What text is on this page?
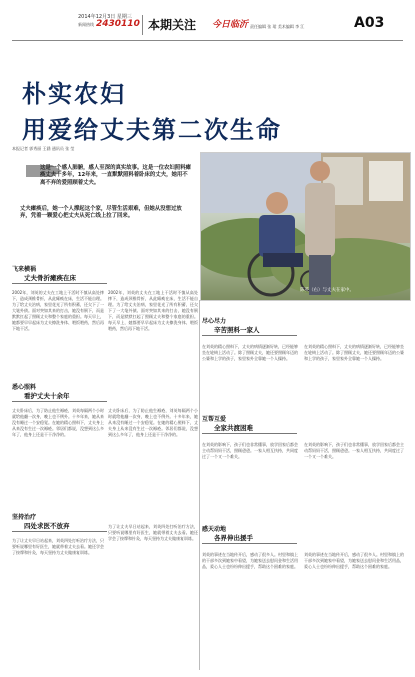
2014年12月3日 星期三
新闻热线 2430110 本期关注 今日临沂 责任编辑 张 珺 美术编辑 李 江	A03
朴实农妇
用爱给丈夫第二次生命
本报记者 郭秀丽 王涵 通讯员 张 莹
这是一个感人肺腑，感人至深的真实故事。这是一位农妇照料瘫痪丈夫十多年，12年来，一直默默照料着卧床的丈夫，她用不离不弃的爱照顾着丈夫。
丈夫瘫痪后，她一个人撑起这个家，尽管生活艰难，但她从没想过放弃，凭着一颗爱心把丈夫从死亡线上拉了回来。
陈英（右）与丈夫在家中。
飞来横祸
丈夫骨折瘫痪在床
2002年，刘英的丈夫在工地上干活时不慎从高处摔下，造成颈椎骨折，从此瘫痪在床，生活不能自理。为了给丈夫治病，家里花光了所有积蓄，还欠下了一大笔外债。面对突如其来的打击，她没有倒下，而是默默扛起了照顾丈夫和整个家庭的重担。每天早上，她都要早早起床为丈夫擦洗身体、喂饭喂药，然后再下地干活。
2002年，刘英的丈夫在工地上干活时不慎从高处摔下，造成颈椎骨折，从此瘫痪在床，生活不能自理。为了给丈夫治病，家里花光了所有积蓄，还欠下了一大笔外债。面对突如其来的打击，她没有倒下，而是默默扛起了照顾丈夫和整个家庭的重担。每天早上，她都要早早起床为丈夫擦洗身体、喂饭喂药，然后再下地干活。
悉心照料
看护丈夫十余年
丈夫卧床后，为了防止他生褥疮，刘英每隔两个小时就给他翻一次身，晚上也不例外。十多年来，她从来没有睡过一个安稳觉。在她的精心照料下，丈夫身上从来没有生过一次褥疮。邻居们都说，没想到这么多年了，他身上还是干干净净的。
丈夫卧床后，为了防止他生褥疮，刘英每隔两个小时就给他翻一次身，晚上也不例外。十多年来，她从来没有睡过一个安稳觉。在她的精心照料下，丈夫身上从来没有生过一次褥疮。邻居们都说，没想到这么多年了，他身上还是干干净净的。
坚持治疗
四处求医不放弃
为了让丈夫早日站起来，刘英四处打听治疗方法，只要听说哪里有好医生，她就带着丈夫去看。她还学会了按摩和针灸，每天坚持为丈夫做康复训练。
为了让丈夫早日站起来，刘英四处打听治疗方法，只要听说哪里有好医生，她就带着丈夫去看。她还学会了按摩和针灸，每天坚持为丈夫做康复训练。
尽心尽力
辛苦照料一家人
在刘英的精心照料下，丈夫的病情逐渐好转，已经能够坐在轮椅上活动了。除了照顾丈夫，她还要照顾年迈的公婆和上学的孩子，家里家外全靠她一个人操持。
在刘英的精心照料下，丈夫的病情逐渐好转，已经能够坐在轮椅上活动了。除了照顾丈夫，她还要照顾年迈的公婆和上学的孩子，家里家外全靠她一个人操持。
互帮互爱
全家共渡困难
在刘英的影响下，孩子们也非常懂事，放学回家后都会主动帮妈妈干活，照顾爸爸。一家人相互扶持，共同度过了一个又一个难关。
在刘英的影响下，孩子们也非常懂事，放学回家后都会主动帮妈妈干活，照顾爸爸。一家人相互扶持，共同度过了一个又一个难关。
感天动地
各界伸出援手
刘英的事迹在当地传开后，感动了很多人。村里和镇上的干部多次到她家中看望，为她家送去慰问金和生活用品，爱心人士也纷纷伸出援手，帮助这个困难的家庭。
刘英的事迹在当地传开后，感动了很多人。村里和镇上的干部多次到她家中看望，为她家送去慰问金和生活用品，爱心人士也纷纷伸出援手，帮助这个困难的家庭。
